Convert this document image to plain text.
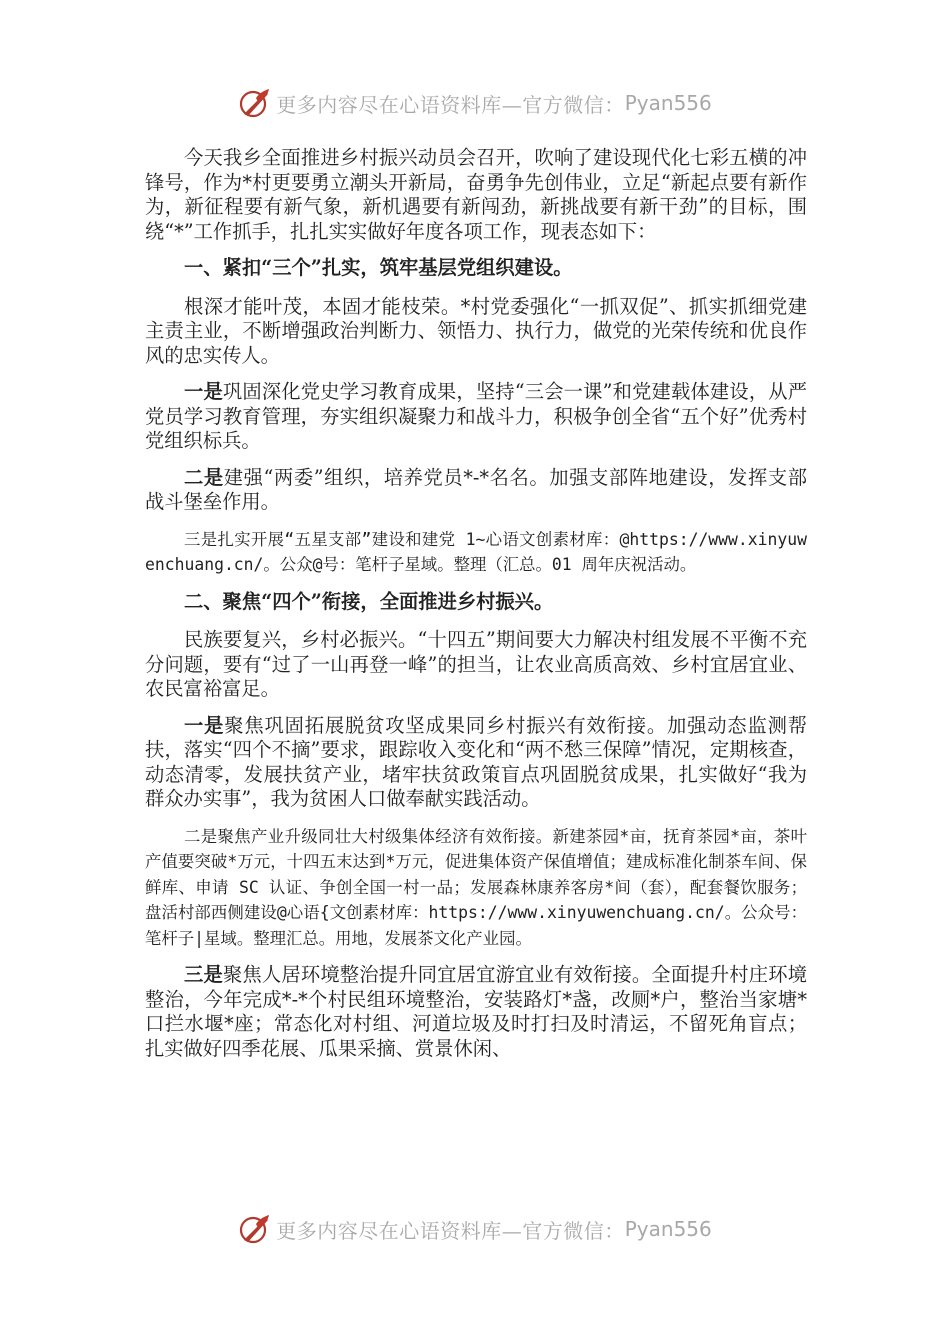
更多内容尽在心语资料库—官方微信： Pyan556

今天我乡全面推进乡村振兴动员会召开，吹响了建设现代化七彩五横的冲锋号，作为*村更要勇立潮头开新局，奋勇争先创伟业，立足“新起点要有新作为，新征程要有新气象，新机遇要有新闯劲，新挑战要有新干劲”的目标，围绕“*”工作抓手，扎扎实实做好年度各项工作，现表态如下：

一、紧扣“三个”扎实，筑牢基层党组织建设。

根深才能叶茂，本固才能枝荣。*村党委强化“一抓双促”、抓实抓细党建主责主业，不断增强政治判断力、领悟力、执行力，做党的光荣传统和优良作风的忠实传人。

一是巩固深化党史学习教育成果，坚持“三会一课”和党建载体建设，从严党员学习教育管理，夯实组织凝聚力和战斗力，积极争创全省“五个好”优秀村党组织标兵。

二是建强“两委”组织，培养党员*-*名名。加强支部阵地建设，发挥支部战斗堡垒作用。

三是扎实开展“五星支部”建设和建党 1~心语文创素材库：@https://www.xinyuwenchuang.cn/。公众@号：笔杆子星域。整理（汇总。01 周年庆祝活动。

二、聚焦“四个”衔接，全面推进乡村振兴。

民族要复兴，乡村必振兴。“十四五”期间要大力解决村组发展不平衡不充分问题，要有“过了一山再登一峰”的担当，让农业高质高效、乡村宜居宜业、农民富裕富足。

一是聚焦巩固拓展脱贫攻坚成果同乡村振兴有效衔接。加强动态监测帮扶，落实“四个不摘”要求，跟踪收入变化和“两不愁三保障”情况，定期核查，动态清零，发展扶贫产业，堵牢扶贫政策盲点巩固脱贫成果，扎实做好“我为群众办实事”，我为贫困人口做奉献实践活动。

二是聚焦产业升级同壮大村级集体经济有效衔接。新建茶园*亩，抚育茶园*亩，茶叶产值要突破*万元，十四五末达到*万元，促进集体资产保值增值；建成标准化制茶车间、保鲜库、申请 SC 认证、争创全国一村一品；发展森林康养客房*间（套），配套餐饮服务；盘活村部西侧建设@心语{文创素材库：https://www.xinyuwenchuang.cn/。公众号：笔杆子|星域。整理汇总。用地，发展茶文化产业园。

三是聚焦人居环境整治提升同宜居宜游宜业有效衔接。全面提升村庄环境整治，今年完成*-*个村民组环境整治，安装路灯*盏，改厕*户，整治当家塘*口拦水堰*座；常态化对村组、河道垃圾及时打扫及时清运，不留死角盲点；扎实做好四季花展、瓜果采摘、赏景休闲、

更多内容尽在心语资料库—官方微信： Pyan556
